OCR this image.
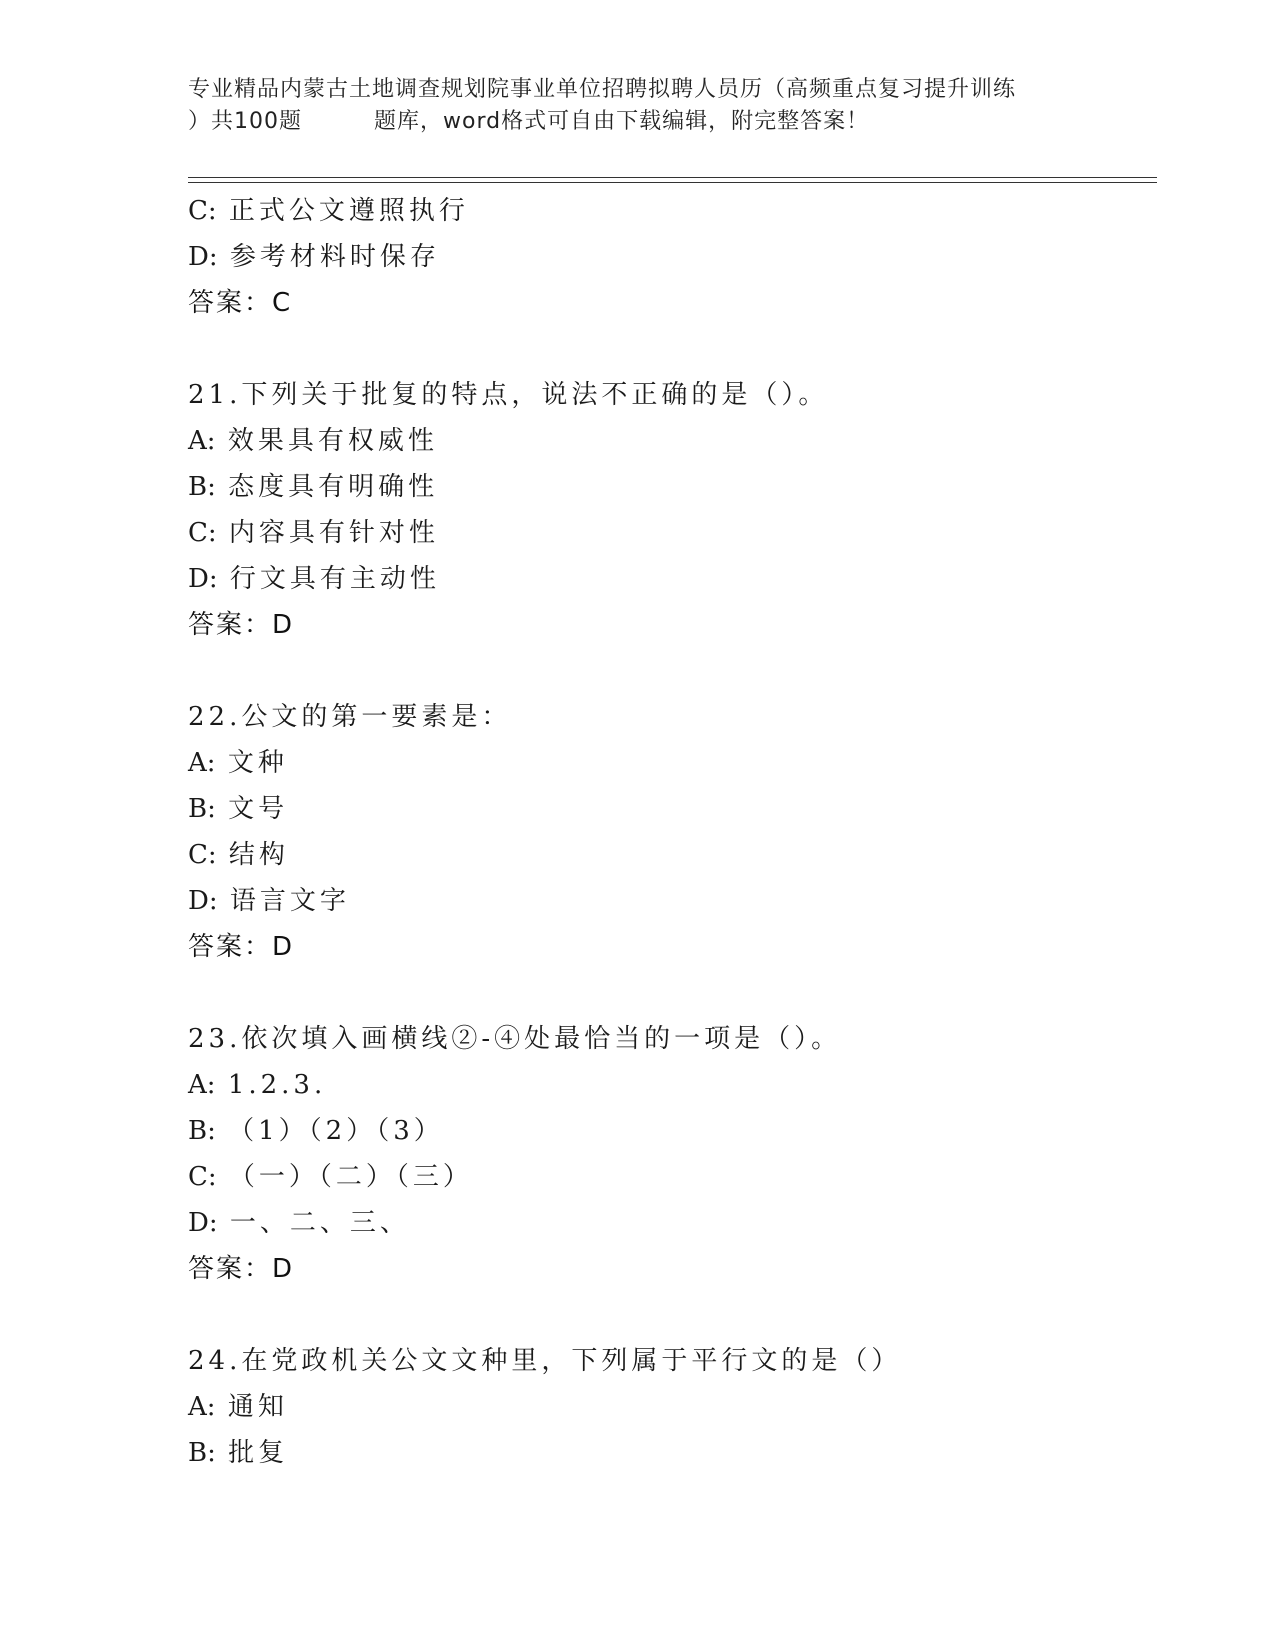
专业精品内蒙古土地调查规划院事业单位招聘拟聘人员历（高频重点复习提升训练
）共100题	题库，word格式可自由下载编辑，附完整答案！
C: 正式公文遵照执行
D: 参考材料时保存
答案：C
21.下列关于批复的特点，说法不正确的是（）。
A: 效果具有权威性
B: 态度具有明确性
C: 内容具有针对性
D: 行文具有主动性
答案：D
22.公文的第一要素是：
A: 文种
B: 文号
C: 结构
D: 语言文字
答案：D
23.依次填入画横线②-④处最恰当的一项是（）。
A: 1.2.3.
B: （1）（2）（3）
C: （一）（二）（三）
D: 一、二、三、
答案：D
24.在党政机关公文文种里，下列属于平行文的是（）
A: 通知
B: 批复
